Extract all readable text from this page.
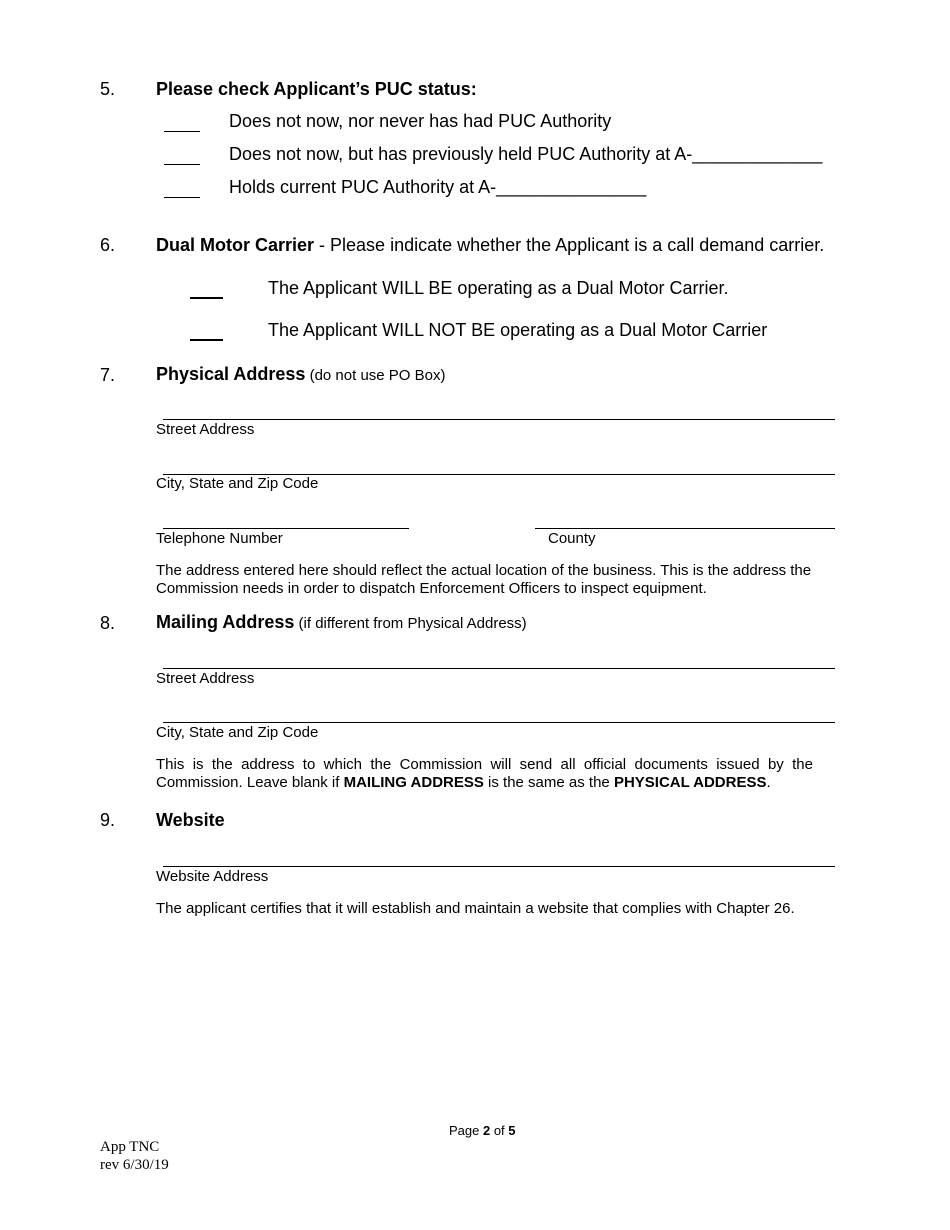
5. Please check Applicant’s PUC status:
Does not now, nor never has had PUC Authority
Does not now, but has previously held PUC Authority at A-_____________
Holds current PUC Authority at A-_______________
6. Dual Motor Carrier - Please indicate whether the Applicant is a call demand carrier.
The Applicant WILL BE operating as a Dual Motor Carrier.
The Applicant WILL NOT BE operating as a Dual Motor Carrier
7. Physical Address (do not use PO Box)
Street Address
City, State and Zip Code
Telephone Number	County
The address entered here should reflect the actual location of the business. This is the address the Commission needs in order to dispatch Enforcement Officers to inspect equipment.
8. Mailing Address (if different from Physical Address)
Street Address
City, State and Zip Code
This is the address to which the Commission will send all official documents issued by the Commission. Leave blank if MAILING ADDRESS is the same as the PHYSICAL ADDRESS.
9. Website
Website Address
The applicant certifies that it will establish and maintain a website that complies with Chapter 26.
Page 2 of 5
App TNC
rev 6/30/19
